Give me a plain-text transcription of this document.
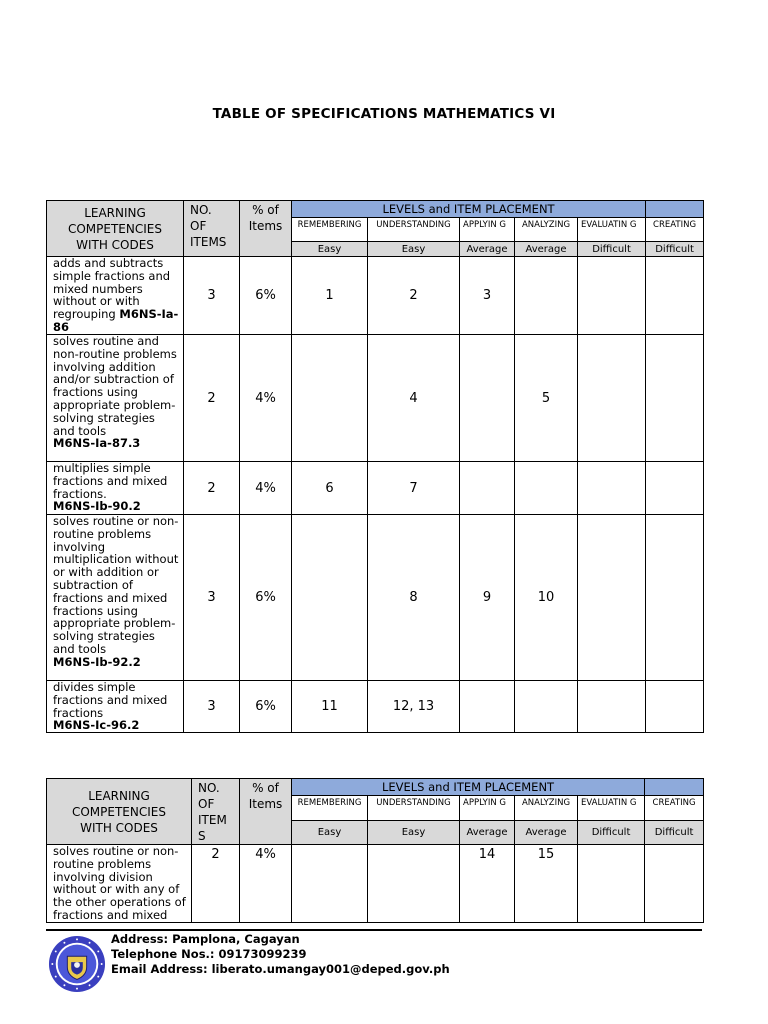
TABLE OF SPECIFICATIONS MATHEMATICS VI
LEARNING COMPETENCIES WITH CODES	NO. OF ITEMS	% of Items	LEVELS and ITEM PLACEMENT					
			REMEMBERING	UNDERSTANDING	APPLYIN G	ANALYZING	EVALUATIN G	CREATING
			Easy	Easy	Average	Average	Difficult	Difficult
adds and subtracts simple fractions and mixed numbers without or with regrouping M6NS-Ia-86	3	6%	1	2	3			
solves routine and non-routine problems involving addition and/or subtraction of fractions using appropriate problem-solving strategies and tools
M6NS-Ia-87.3	2	4%		4		5		
multiplies simple fractions and mixed fractions.
M6NS-Ib-90.2	2	4%	6	7				
solves routine or non-routine problems involving multiplication without or with addition or subtraction of fractions and mixed fractions using appropriate problem-solving strategies and tools
M6NS-Ib-92.2	3	6%		8	9	10		
divides simple fractions and mixed fractions
M6NS-Ic-96.2	3	6%	11	12, 13				
LEARNING COMPETENCIES WITH CODES	NO. OF ITEM S	% of Items	LEVELS and ITEM PLACEMENT					
			REMEMBERING	UNDERSTANDING	APPLYIN G	ANALYZING	EVALUATIN G	CREATING
			Easy	Easy	Average	Average	Difficult	Difficult
solves routine or non-routine problems involving division without or with any of the other operations of fractions and mixed	2	4%			14	15		
Address: Pamplona, Cagayan
Telephone Nos.: 09173099239
Email Address: liberato.umangay001@deped.gov.ph
